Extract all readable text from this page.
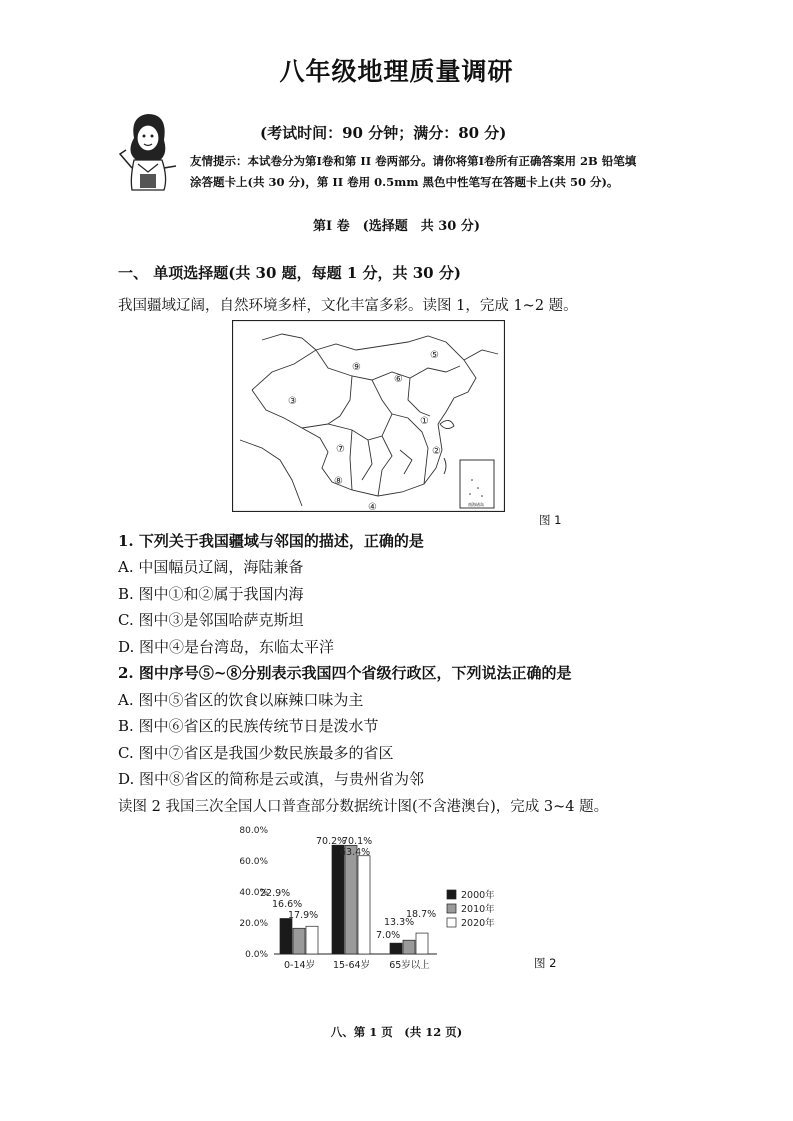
八年级地理质量调研
(考试时间：90 分钟；满分：80 分)
友情提示：本试卷分为第Ⅰ卷和第 II 卷两部分。请你将第Ⅰ卷所有正确答案用 2B 铅笔填
涂答题卡上(共 30 分)，第 II 卷用 0.5mm 黑色中性笔写在答题卡上(共 50 分)。
第Ⅰ 卷　(选择题　共 30 分)
一、 单项选择题(共 30 题，每题 1 分，共 30 分)
我国疆域辽阔，自然环境多样，文化丰富多彩。读图 1，完成 1~2 题。
南海诸岛
①
②
③
④
⑤
⑥
⑦
⑧
⑨
图 1
1. 下列关于我国疆域与邻国的描述，正确的是
A. 中国幅员辽阔，海陆兼备
B. 图中①和②属于我国内海
C. 图中③是邻国哈萨克斯坦
D. 图中④是台湾岛，东临太平洋
2. 图中序号⑤~⑧分别表示我国四个省级行政区，下列说法正确的是
A. 图中⑤省区的饮食以麻辣口味为主
B. 图中⑥省区的民族传统节日是泼水节
C. 图中⑦省区是我国少数民族最多的省区
D. 图中⑧省区的简称是云或滇，与贵州省为邻
读图 2 我国三次全国人口普查部分数据统计图(不含港澳台)，完成 3~4 题。
0.0%
20.0%
40.0%
60.0%
80.0%
0-14岁 15-64岁 65岁以上
22.9%
16.6%
17.9%
70.2%
70.1%
63.4%
7.0%
13.3%
18.7%
2000年
2010年
2020年
图 2
八、第 1 页　(共 12 页)
